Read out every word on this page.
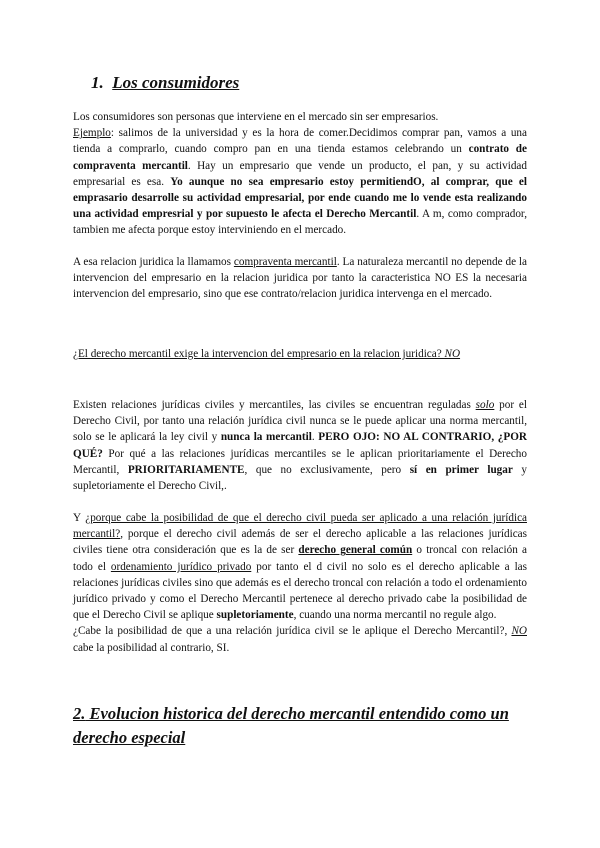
1. Los consumidores
Los consumidores son personas que interviene en el mercado sin ser empresarios.
Ejemplo: salimos de la universidad y es la hora de comer.Decidimos comprar pan, vamos a una tienda a comprarlo, cuando compro pan en una tienda estamos celebrando un contrato de compraventa mercantil. Hay un empresario que vende un producto, el pan, y su actividad empresarial es esa. Yo aunque no sea empresario estoy permitiendO, al comprar, que el emprasario desarrolle su actividad empresarial, por ende cuando me lo vende esta realizando una actividad empresrial y por supuesto le afecta el Derecho Mercantil. A m, como comprador, tambien me afecta porque estoy interviniendo en el mercado.
A esa relacion juridica la llamamos compraventa mercantil. La naturaleza mercantil no depende de la intervencion del empresario en la relacion juridica por tanto la caracteristica NO ES la necesaria intervencion del empresario, sino que ese contrato/relacion juridica intervenga en el mercado.
¿El derecho mercantil exige la intervencion del empresario en la relacion juridica? NO
Existen relaciones jurídicas civiles y mercantiles, las civiles se encuentran reguladas solo por el Derecho Civil, por tanto una relación jurídica civil nunca se le puede aplicar una norma mercantil, solo se le aplicará la ley civil y nunca la mercantil. PERO OJO: NO AL CONTRARIO, ¿POR QUÉ? Por qué a las relaciones jurídicas mercantiles se le aplican prioritariamente el Derecho Mercantil, PRIORITARIAMENTE, que no exclusivamente, pero sí en primer lugar y supletoriamente el Derecho Civil,.
Y ¿porque cabe la posibilidad de que el derecho civil pueda ser aplicado a una relación jurídica mercantil?, porque el derecho civil además de ser el derecho aplicable a las relaciones jurídicas civiles tiene otra consideración que es la de ser derecho general común o troncal con relación a todo el ordenamiento jurídico privado por tanto el d civil no solo es el derecho aplicable a las relaciones jurídicas civiles sino que además es el derecho troncal con relación a todo el ordenamiento jurídico privado y como el Derecho Mercantil pertenece al derecho privado cabe la posibilidad de que el Derecho Civil se aplique supletoriamente, cuando una norma mercantil no regule algo.
¿Cabe la posibilidad de que a una relación jurídica civil se le aplique el Derecho Mercantil?, NO cabe la posibilidad al contrario, SI.
2. Evolucion historica del derecho mercantil entendido como un derecho especial
